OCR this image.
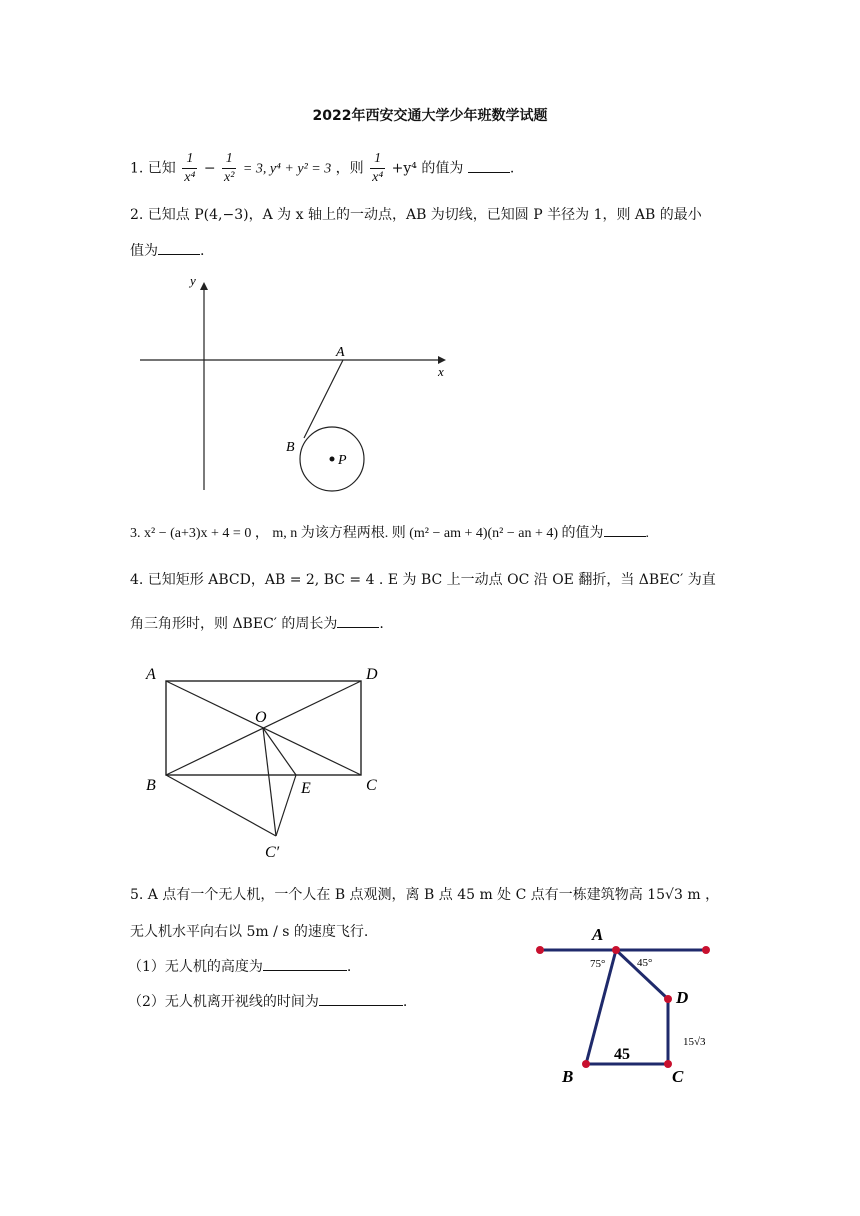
2022年西安交通大学少年班数学试题
1. 已知 $\frac{1}{\text{x⁴}} - \frac{1}{\text{x²}} = 3$, y⁴ + y² = 3 ，则 $\frac{1}{\text{x⁴}} +y^4$ 的值为	.
2. 已知点 P(4,−3)，A 为 x 轴上的一动点，AB 为切线，已知圆 P 半径为 1，则 AB 的最小
值为	.
y
x
A
B
P
3. x² − (a+3)x + 4 = 0 ， m, n 为该方程两根. 则 (m² − am + 4)(n² − an + 4) 的值为	.
4. 已知矩形 ABCD，AB = 2, BC = 4 . E 为 BC 上一动点 OC 沿 OE 翻折，当 ΔBEC′ 为直
角三角形时，则 ΔBEC′ 的周长为	.
A	D
O
B	E	C
C′
5. A 点有一个无人机，一个人在 B 点观测，离 B 点 45 m 处 C 点有一栋建筑物高 15√3 m ，
无人机水平向右以 5m / s 的速度飞行.
（1）无人机的高度为	.
（2）无人机离开视线的时间为	.
A
B	C
D
75°	45°
45
15√3
